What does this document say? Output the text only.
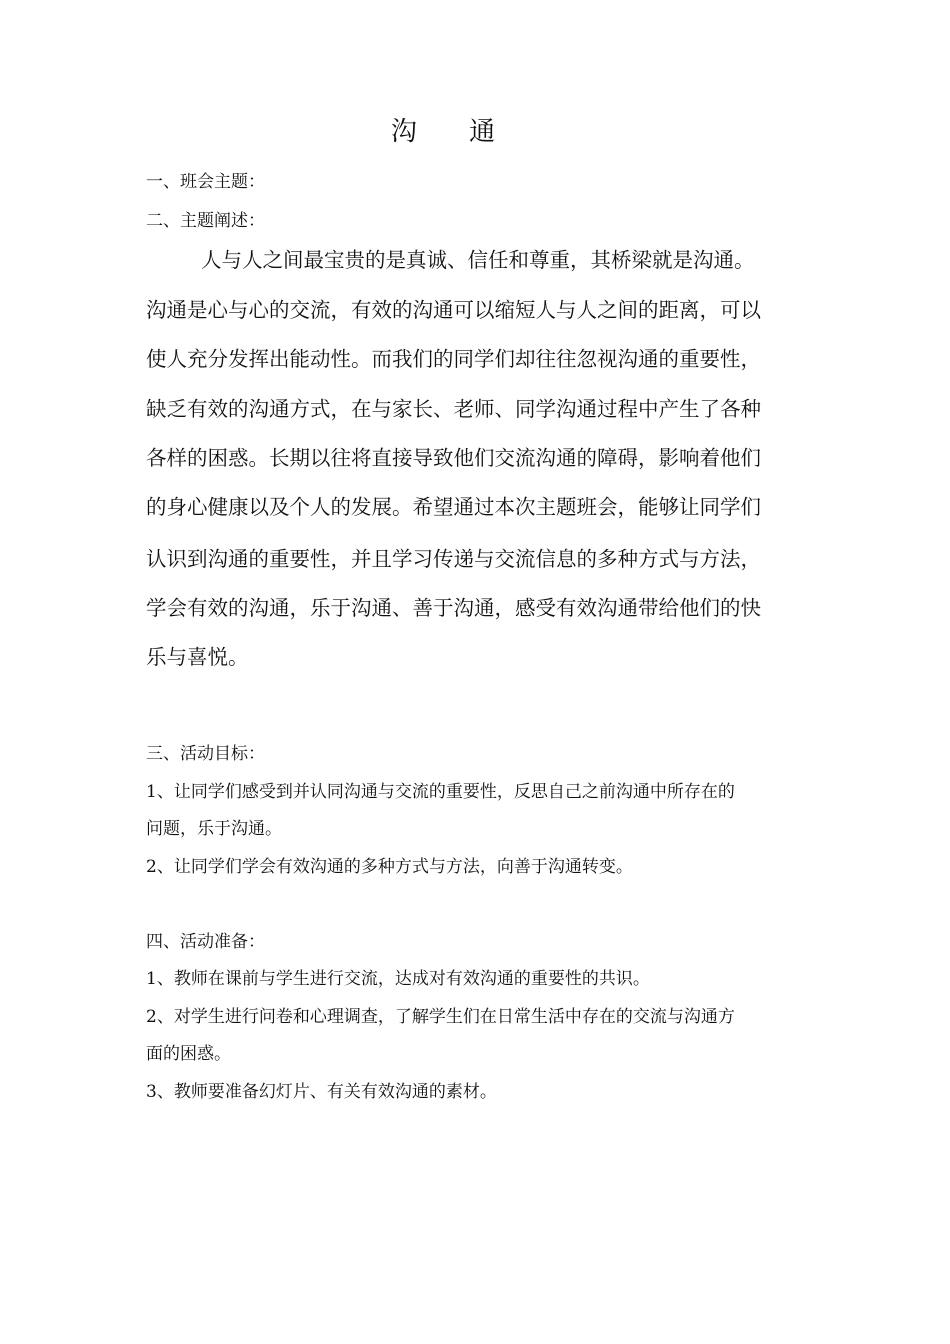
沟 通
一、班会主题：
二、主题阐述：
人与人之间最宝贵的是真诚、信任和尊重，其桥梁就是沟通。
沟通是心与心的交流，有效的沟通可以缩短人与人之间的距离，可以
使人充分发挥出能动性。而我们的同学们却往往忽视沟通的重要性，
缺乏有效的沟通方式，在与家长、老师、同学沟通过程中产生了各种
各样的困惑。长期以往将直接导致他们交流沟通的障碍，影响着他们
的身心健康以及个人的发展。希望通过本次主题班会，能够让同学们
认识到沟通的重要性，并且学习传递与交流信息的多种方式与方法，
学会有效的沟通，乐于沟通、善于沟通，感受有效沟通带给他们的快
乐与喜悦。
三、活动目标：
1、让同学们感受到并认同沟通与交流的重要性，反思自己之前沟通中所存在的
问题，乐于沟通。
2、让同学们学会有效沟通的多种方式与方法，向善于沟通转变。
四、活动准备：
1、教师在课前与学生进行交流，达成对有效沟通的重要性的共识。
2、对学生进行问卷和心理调查，了解学生们在日常生活中存在的交流与沟通方
面的困惑。
3、教师要准备幻灯片、有关有效沟通的素材。
